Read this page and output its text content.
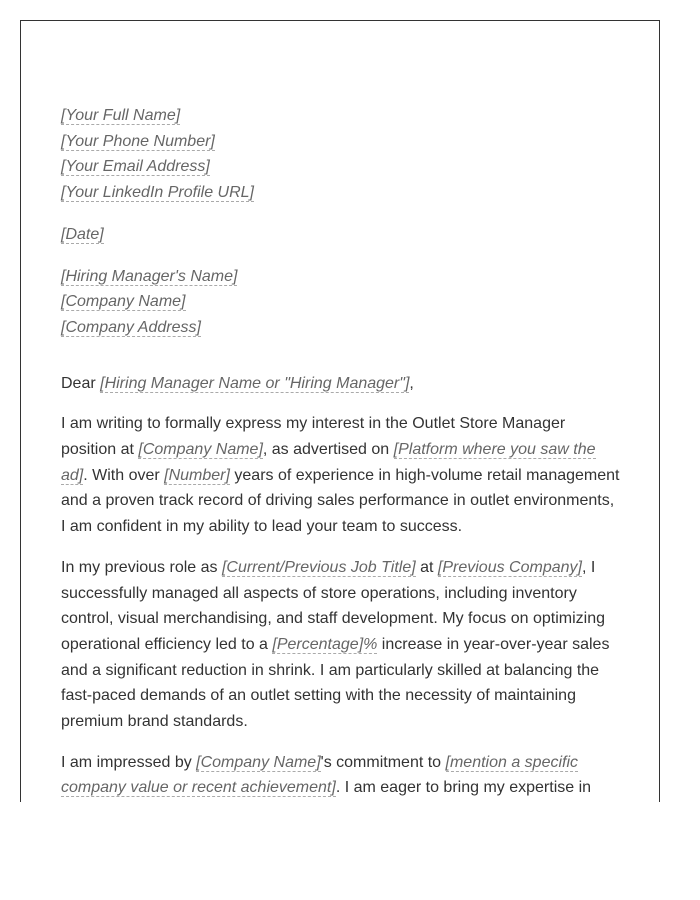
[Your Full Name]
[Your Phone Number]
[Your Email Address]
[Your LinkedIn Profile URL]
[Date]
[Hiring Manager's Name]
[Company Name]
[Company Address]

Dear [Hiring Manager Name or "Hiring Manager"],

I am writing to formally express my interest in the Outlet Store Manager position at [Company Name], as advertised on [Platform where you saw the ad]. With over [Number] years of experience in high-volume retail management and a proven track record of driving sales performance in outlet environments, I am confident in my ability to lead your team to success.

In my previous role as [Current/Previous Job Title] at [Previous Company], I successfully managed all aspects of store operations, including inventory control, visual merchandising, and staff development. My focus on optimizing operational efficiency led to a [Percentage]% increase in year-over-year sales and a significant reduction in shrink. I am particularly skilled at balancing the fast-paced demands of an outlet setting with the necessity of maintaining premium brand standards.

I am impressed by [Company Name]'s commitment to [mention a specific company value or recent achievement]. I am eager to bring my expertise in
